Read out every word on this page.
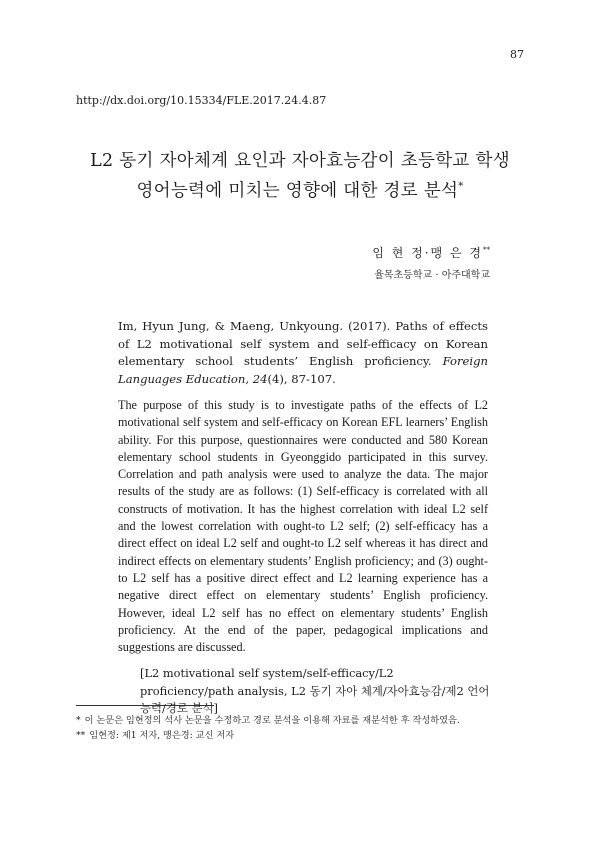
87
http://dx.doi.org/10.15334/FLE.2017.24.4.87
L2 동기 자아체계 요인과 자아효능감이 초등학교 학생
영어능력에 미치는 영향에 대한 경로 분석*
임 현 정·맹 은 경**
율목초등학교 · 아주대학교
Im, Hyun Jung, & Maeng, Unkyoung. (2017). Paths of effects of L2 motivational self system and self-efficacy on Korean elementary school students’ English proficiency. Foreign Languages Education, 24(4), 87-107.
The purpose of this study is to investigate paths of the effects of L2 motivational self system and self-efficacy on Korean EFL learners’ English ability. For this purpose, questionnaires were conducted and 580 Korean elementary school students in Gyeonggido participated in this survey. Correlation and path analysis were used to analyze the data. The major results of the study are as follows: (1) Self-efficacy is correlated with all constructs of motivation. It has the highest correlation with ideal L2 self and the lowest correlation with ought-to L2 self; (2) self-efficacy has a direct effect on ideal L2 self and ought-to L2 self whereas it has direct and indirect effects on elementary students’ English proficiency; and (3) ought-to L2 self has a positive direct effect and L2 learning experience has a negative direct effect on elementary students’ English proficiency. However, ideal L2 self has no effect on elementary students’ English proficiency. At the end of the paper, pedagogical implications and suggestions are discussed.
[L2 motivational self system/self-efficacy/L2 proficiency/path analysis, L2 동기 자아 체계/자아효능감/제2 언어능력/경로 분석]
* 이 논문은 임현정의 석사 논문을 수정하고 경로 분석을 이용해 자료를 재분석한 후 작성하였음.
** 임현정: 제1 저자, 맹은경: 교신 저자
